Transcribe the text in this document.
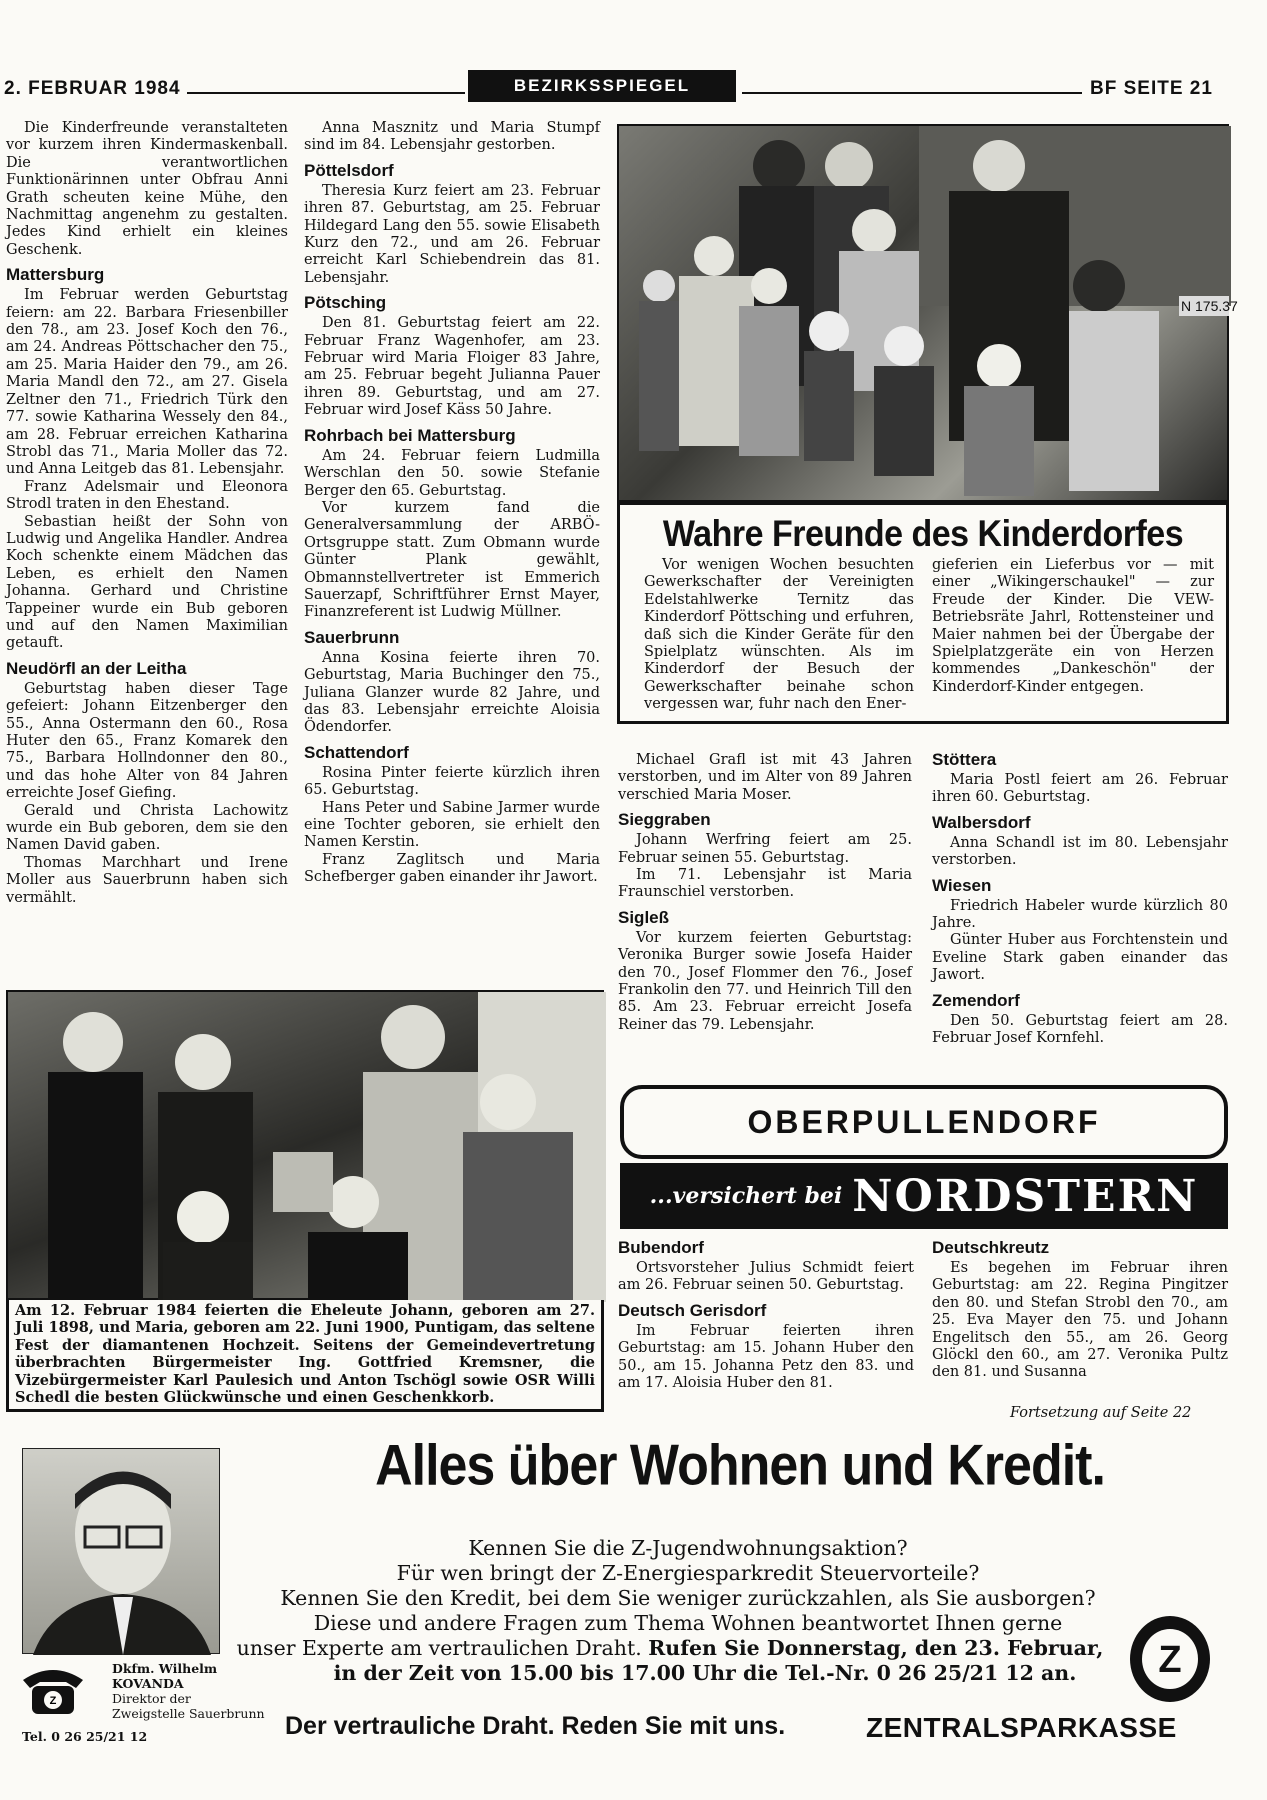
2. FEBRUAR 1984	BEZIRKSSPIEGEL	BF SEITE 21

Die Kinderfreunde veranstalteten vor kurzem ihren Kindermaskenball. Die verantwortlichen Funktionärinnen unter Obfrau Anni Grath scheuten keine Mühe, den Nachmittag angenehm zu gestalten. Jedes Kind erhielt ein kleines Geschenk.

Mattersburg

Im Februar werden Geburtstag feiern: am 22. Barbara Friesenbiller den 78., am 23. Josef Koch den 76., am 24. Andreas Pöttschacher den 75., am 25. Maria Haider den 79., am 26. Maria Mandl den 72., am 27. Gisela Zeltner den 71., Friedrich Türk den 77. sowie Katharina Wessely den 84., am 28. Februar erreichen Katharina Strobl das 71., Maria Moller das 72. und Anna Leitgeb das 81. Lebensjahr.

Franz Adelsmair und Eleonora Strodl traten in den Ehestand.

Sebastian heißt der Sohn von Ludwig und Angelika Handler. Andrea Koch schenkte einem Mädchen das Leben, es erhielt den Namen Johanna. Gerhard und Christine Tappeiner wurde ein Bub geboren und auf den Namen Maximilian getauft.

Neudörfl an der Leitha

Geburtstag haben dieser Tage gefeiert: Johann Eitzenberger den 55., Anna Ostermann den 60., Rosa Huter den 65., Franz Komarek den 75., Barbara Hollndonner den 80., und das hohe Alter von 84 Jahren erreichte Josef Giefing.

Gerald und Christa Lachowitz wurde ein Bub geboren, dem sie den Namen David gaben.

Thomas Marchhart und Irene Moller aus Sauerbrunn haben sich vermählt.

Anna Masznitz und Maria Stumpf sind im 84. Lebensjahr gestorben.

Pöttelsdorf

Theresia Kurz feiert am 23. Februar ihren 87. Geburtstag, am 25. Februar Hildegard Lang den 55. sowie Elisabeth Kurz den 72., und am 26. Februar erreicht Karl Schiebendrein das 81. Lebensjahr.

Pötsching

Den 81. Geburtstag feiert am 22. Februar Franz Wagenhofer, am 23. Februar wird Maria Floiger 83 Jahre, am 25. Februar begeht Julianna Pauer ihren 89. Geburtstag, und am 27. Februar wird Josef Käss 50 Jahre.

Rohrbach bei Mattersburg

Am 24. Februar feiern Ludmilla Werschlan den 50. sowie Stefanie Berger den 65. Geburtstag.

Vor kurzem fand die Generalversammlung der ARBÖ-Ortsgruppe statt. Zum Obmann wurde Günter Plank gewählt, Obmannstellvertreter ist Emmerich Sauerzapf, Schriftführer Ernst Mayer, Finanzreferent ist Ludwig Müllner.

Sauerbrunn

Anna Kosina feierte ihren 70. Geburtstag, Maria Buchinger den 75., Juliana Glanzer wurde 82 Jahre, und das 83. Lebensjahr erreichte Aloisia Ödendorfer.

Schattendorf

Rosina Pinter feierte kürzlich ihren 65. Geburtstag.

Hans Peter und Sabine Jarmer wurde eine Tochter geboren, sie erhielt den Namen Kerstin.

Franz Zaglitsch und Maria Schefberger gaben einander ihr Jawort.

N 175.37
Wahre Freunde des Kinderdorfes

Vor wenigen Wochen besuchten Gewerkschafter der Vereinigten Edelstahlwerke Ternitz das Kinderdorf Pöttsching und erfuhren, daß sich die Kinder Geräte für den Spielplatz wünschten. Als im Kinderdorf der Besuch der Gewerkschafter beinahe schon vergessen war, fuhr nach den Ener-

gieferien ein Lieferbus vor — mit einer „Wikingerschaukel" — zur Freude der Kinder. Die VEW-Betriebsräte Jahrl, Rottensteiner und Maier nahmen bei der Übergabe der Spielplatzgeräte ein von Herzen kommendes „Dankeschön" der Kinderdorf-Kinder entgegen.

Michael Grafl ist mit 43 Jahren verstorben, und im Alter von 89 Jahren verschied Maria Moser.

Sieggraben

Johann Werfring feiert am 25. Februar seinen 55. Geburtstag.

Im 71. Lebensjahr ist Maria Fraunschiel verstorben.

Sigleß

Vor kurzem feierten Geburtstag: Veronika Burger sowie Josefa Haider den 70., Josef Flommer den 76., Josef Frankolin den 77. und Heinrich Till den 85. Am 23. Februar erreicht Josefa Reiner das 79. Lebensjahr.

Stöttera

Maria Postl feiert am 26. Februar ihren 60. Geburtstag.

Walbersdorf

Anna Schandl ist im 80. Lebensjahr verstorben.

Wiesen

Friedrich Habeler wurde kürzlich 80 Jahre.

Günter Huber aus Forchtenstein und Eveline Stark gaben einander das Jawort.

Zemendorf

Den 50. Geburtstag feiert am 28. Februar Josef Kornfehl.

Am 12. Februar 1984 feierten die Eheleute Johann, geboren am 27. Juli 1898, und Maria, geboren am 22. Juni 1900, Puntigam, das seltene Fest der diamantenen Hochzeit. Seitens der Gemeindevertretung überbrachten Bürgermeister Ing. Gottfried Kremsner, die Vizebürgermeister Karl Paulesich und Anton Tschögl sowie OSR Willi Schedl die besten Glückwünsche und einen Geschenkkorb.
OBERPULLENDORF
...versichert bei NORDSTERN
Bubendorf

Ortsvorsteher Julius Schmidt feiert am 26. Februar seinen 50. Geburtstag.

Deutsch Gerisdorf

Im Februar feierten ihren Geburtstag: am 15. Johann Huber den 50., am 15. Johanna Petz den 83. und am 17. Aloisia Huber den 81.

Deutschkreutz

Es begehen im Februar ihren Geburtstag: am 22. Regina Pingitzer den 80. und Stefan Strobl den 70., am 25. Eva Mayer den 75. und Johann Engelitsch den 55., am 26. Georg Glöckl den 60., am 27. Veronika Pultz den 81. und Susanna

Fortsetzung auf Seite 22
Z
Dkfm. Wilhelm
KOVANDA
Direktor der
Zweigstelle Sauerbrunn
Tel. 0 26 25/21 12
Alles über Wohnen und Kredit.
Kennen Sie die Z-Jugendwohnungsaktion?
Für wen bringt der Z-Energiesparkredit Steuervorteile?
Kennen Sie den Kredit, bei dem Sie weniger zurückzahlen, als Sie ausborgen?
Diese und andere Fragen zum Thema Wohnen beantwortet Ihnen gerne
unser Experte am vertraulichen Draht. Rufen Sie Donnerstag, den 23. Februar,
in der Zeit von 15.00 bis 17.00 Uhr die Tel.-Nr. 0 26 25/21 12 an.	Z
Der vertrauliche Draht. Reden Sie mit uns.	ZENTRALSPARKASSE
